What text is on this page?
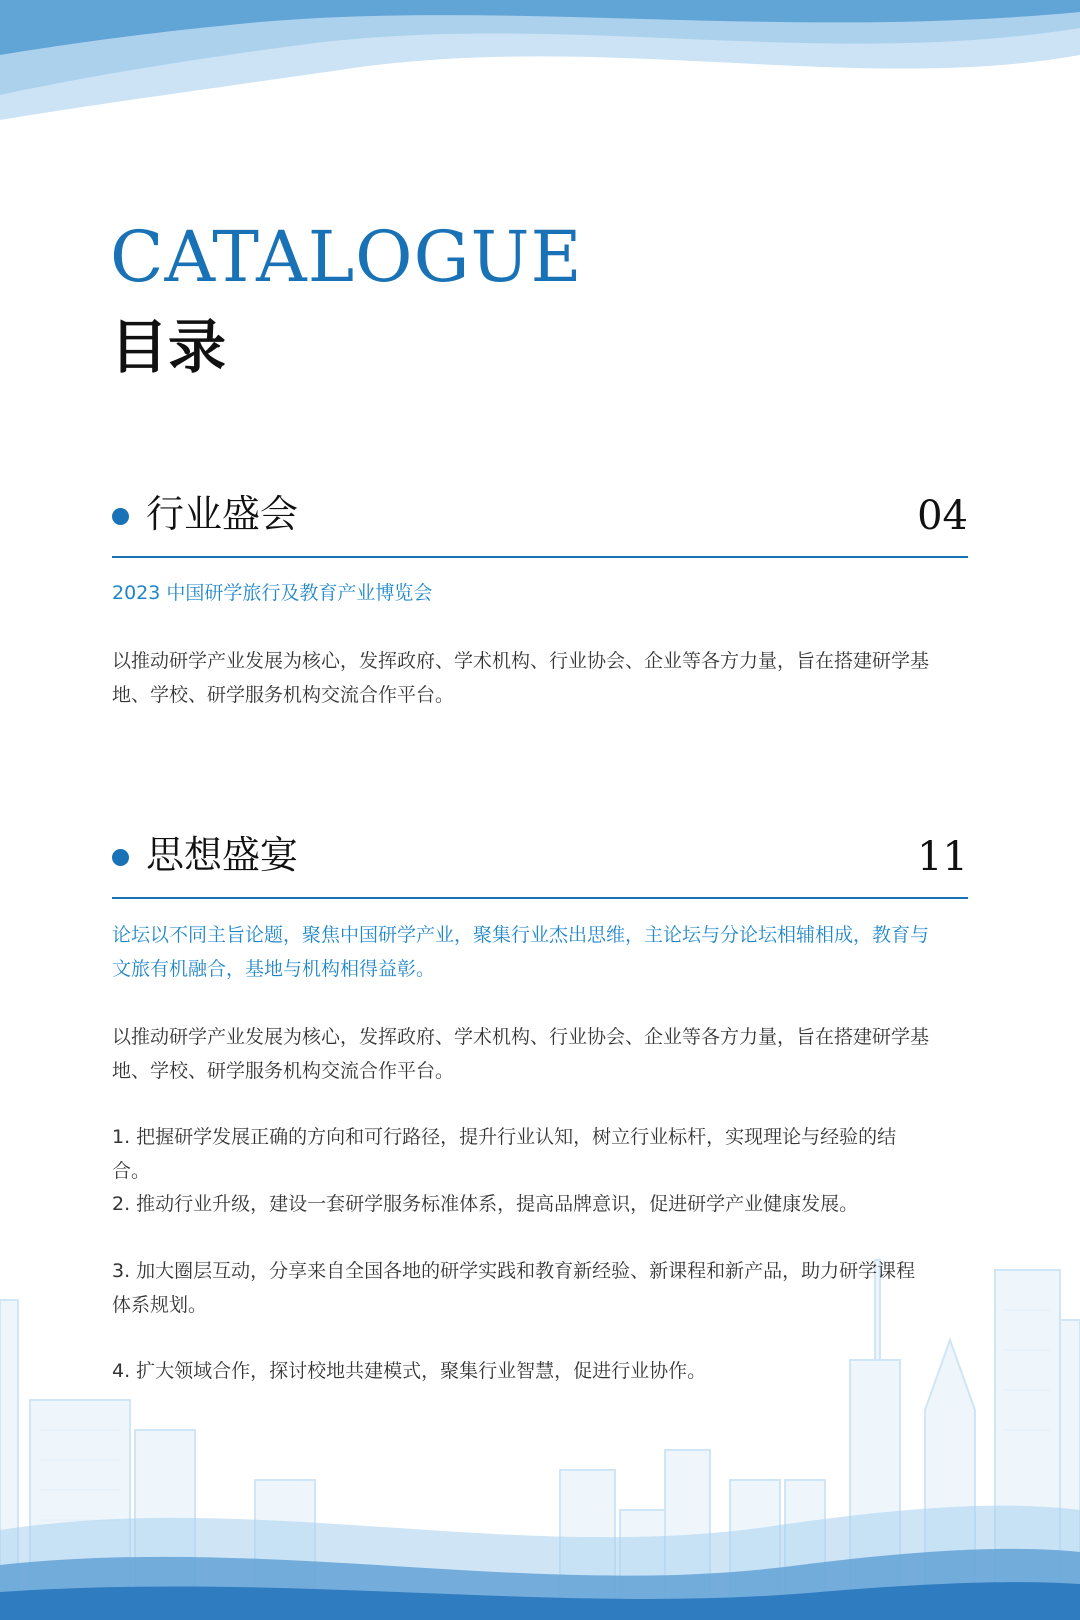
CATALOGUE
目录
行业盛会	04

2023 中国研学旅行及教育产业博览会

以推动研学产业发展为核心，发挥政府、学术机构、行业协会、企业等各方力量，旨在搭建研学基地、学校、研学服务机构交流合作平台。

思想盛宴	11

论坛以不同主旨论题，聚焦中国研学产业，聚集行业杰出思维，主论坛与分论坛相辅相成，教育与文旅有机融合，基地与机构相得益彰。

以推动研学产业发展为核心，发挥政府、学术机构、行业协会、企业等各方力量，旨在搭建研学基地、学校、研学服务机构交流合作平台。

1. 把握研学发展正确的方向和可行路径，提升行业认知，树立行业标杆，实现理论与经验的结合。

2. 推动行业升级，建设一套研学服务标准体系，提高品牌意识，促进研学产业健康发展。

3. 加大圈层互动，分享来自全国各地的研学实践和教育新经验、新课程和新产品，助力研学课程体系规划。

4. 扩大领域合作，探讨校地共建模式，聚集行业智慧，促进行业协作。
